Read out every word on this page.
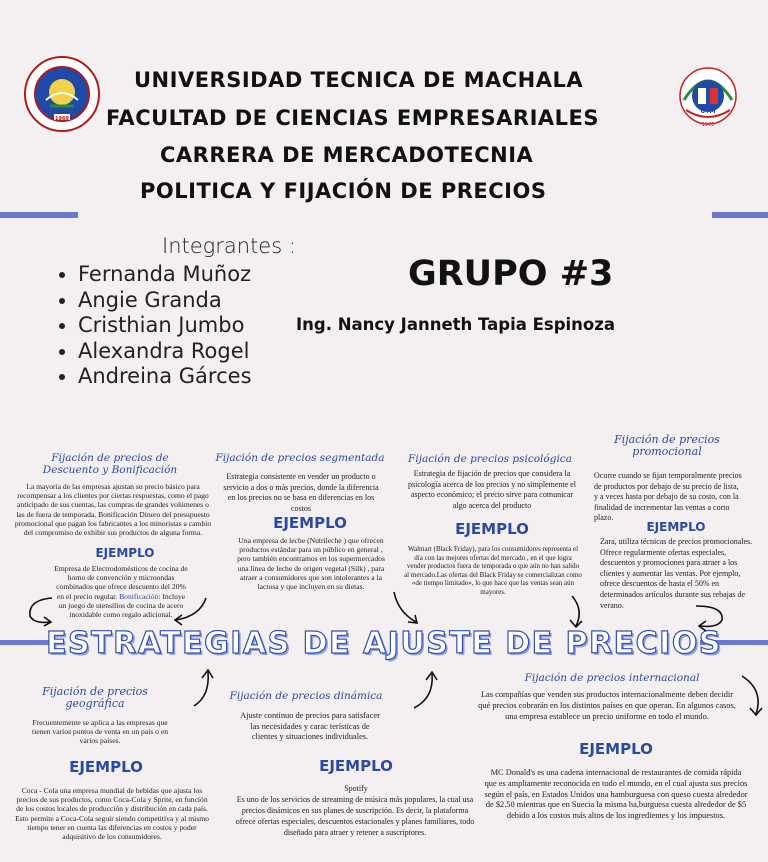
1969
UTM
1975
UNIVERSIDAD TECNICA DE MACHALA
FACULTAD DE CIENCIAS EMPRESARIALES
CARRERA DE MERCADOTECNIA
POLITICA Y FIJACIÓN DE PRECIOS
Integrantes :
• Fernanda Muñoz
• Angie Granda
• Cristhian Jumbo
• Alexandra Rogel
• Andreina Gárces
GRUPO #3
Ing. Nancy Janneth Tapia Espinoza
Fijación de precios de Descuento y Bonificación
La mayoría de las empresas ajustan su precio básico para recompensar a los clientes por ciertas respuestas, como el pago anticipado de sus cuentas, las compras de grandes volúmenes o las de fuera de temporada. Bonificación Dinero del presupuesto promocional que pagan los fabricantes a los minoristas a cambio del compromiso de exhibir sus productos de alguna forma.
EJEMPLO
Empresa de Electrodomésticos de cocina de horno de convención y microondas combinados que ofrece descuento del 20% en el precio regular. Bonificación: Incluye un juego de utensilios de cocina de acero inoxidable como regalo adicional.
Fijación de precios segmentada
Estrategia consistente en vender un producto o servicio a dos o más precios, donde la diferencia en los precios no se basa en diferencias en los costos
EJEMPLO
Una empresa de leche (Nutrileche ) que ofrecen productos estándar para un público en general , pero también encontramos en los supermercados una línea de leche de origen vegetal (Silk) , para atraer a consumidores que son intolerantes a la lactosa y que incluyen en su dietas.
Fijación de precios psicológica
Estrategia de fijación de precios que considera la psicología acerca de los precios y no simplemente el aspecto económico; el precio sirve para comunicar algo acerca del producto
EJEMPLO
Walmart (Black Friday), para los consumidores representa el día con las mejores ofertas del mercado , en el que logra vender productos fuera de temporada o que aún no han salido al mercado.Las ofertas del Black Friday se comercializan como «de tiempo limitado», lo que hace que las ventas sean aún mayores.
Fijación de precios promocional
Ocurre cuando se fijan temporalmente precios de productos por debajo de su precio de lista, y a veces hasta por debajo de su costo, con la finalidad de incrementar las ventas a corto plazo.
EJEMPLO
Zara, utiliza técnicas de precios promocionales. Ofrece regularmente ofertas especiales, descuentos y promociones para atraer a los clientes y aumentar las ventas. Por ejemplo, ofrece descuentos de hasta el 50% en determinados artículos durante sus rebajas de verano.
ESTRATEGIAS DE AJUSTE DE PRECIOS
Fijación de precios geográfica
Frecuentemente se aplica a las empresas que tienen varios puntos de venta en un país o en varios países.
EJEMPLO
Coca - Cola una empresa mundial de bebidas que ajusta los precios de sus productos, como Coca-Cola y Sprite, en función de los costos locales de producción y distribución en cada país. Esto permite a Coca-Cola seguir siendo competitiva y al mismo tiempo tener en cuenta las diferencias en costos y poder adquisitivo de los consumidores.
Fijación de precios dinámica
Ajuste continuo de precios para satisfacer las necesidades y carac terísticas de clientes y situaciones individuales.
EJEMPLO
Spotify
Es uno de los servicios de streaming de música más populares, la cual usa precios dinámicos en sus planes de suscripción. Es decir, la plataforma ofrece ofertas especiales, descuentos estacionales y planes familiares, todo diseñado para atraer y retener a suscriptores.
Fijación de precios internacional
Las compañías que venden sus productos internacionalmente deben decidir qué precios cobrarán en los distintos países en que operan. En algunos casos, una empresa establece un precio uniforme en todo el mundo.
EJEMPLO
MC Donald's es una cadena internacional de restaurantes de comida rápida que es ampliamente reconocida en todo el mundo, en el cual ajusta sus precios según el país, en Estados Unidos una hamburguesa con queso cuesta alrededor de $2.50 mientras que en Suecia la misma ha,burguesa cuesta alrededor de $5 debido a los costos más altos de los ingredientes y los impuestos.
